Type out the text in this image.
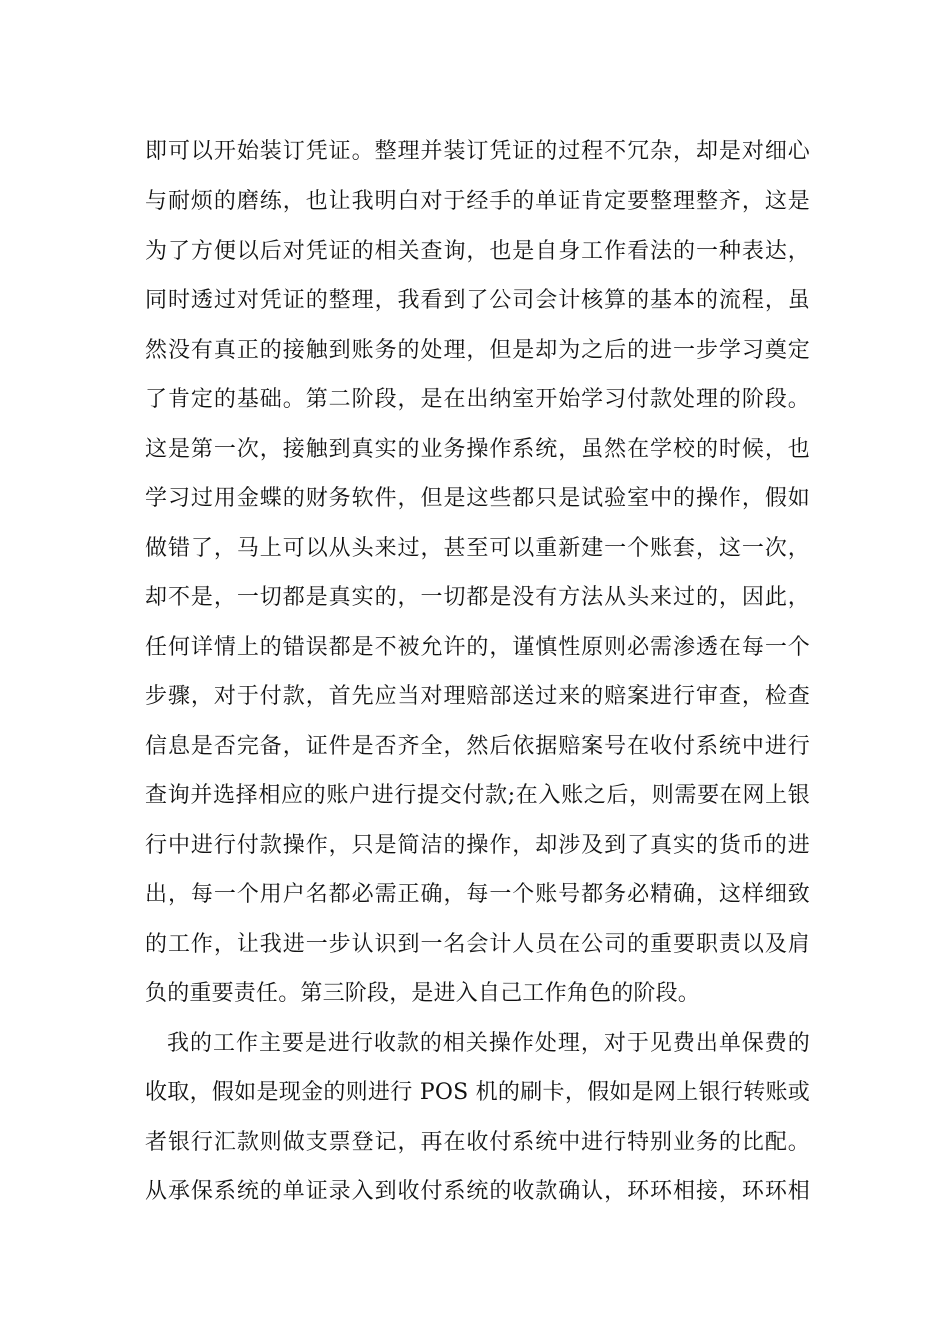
即可以开始装订凭证。整理并装订凭证的过程不冗杂，却是对细心
与耐烦的磨练，也让我明白对于经手的单证肯定要整理整齐，这是
为了方便以后对凭证的相关查询，也是自身工作看法的一种表达，
同时透过对凭证的整理，我看到了公司会计核算的基本的流程，虽
然没有真正的接触到账务的处理，但是却为之后的进一步学习奠定
了肯定的基础。第二阶段，是在出纳室开始学习付款处理的阶段。
这是第一次，接触到真实的业务操作系统，虽然在学校的时候，也
学习过用金蝶的财务软件，但是这些都只是试验室中的操作，假如
做错了，马上可以从头来过，甚至可以重新建一个账套，这一次，
却不是，一切都是真实的，一切都是没有方法从头来过的，因此，
任何详情上的错误都是不被允许的，谨慎性原则必需渗透在每一个
步骤，对于付款，首先应当对理赔部送过来的赔案进行审查，检查
信息是否完备，证件是否齐全，然后依据赔案号在收付系统中进行
查询并选择相应的账户进行提交付款;在入账之后，则需要在网上银
行中进行付款操作，只是简洁的操作，却涉及到了真实的货币的进
出，每一个用户名都必需正确，每一个账号都务必精确，这样细致
的工作，让我进一步认识到一名会计人员在公司的重要职责以及肩
负的重要责任。第三阶段，是进入自己工作角色的阶段。
我的工作主要是进行收款的相关操作处理，对于见费出单保费的
收取，假如是现金的则进行 POS 机的刷卡，假如是网上银行转账或
者银行汇款则做支票登记，再在收付系统中进行特别业务的比配。
从承保系统的单证录入到收付系统的收款确认，环环相接，环环相
